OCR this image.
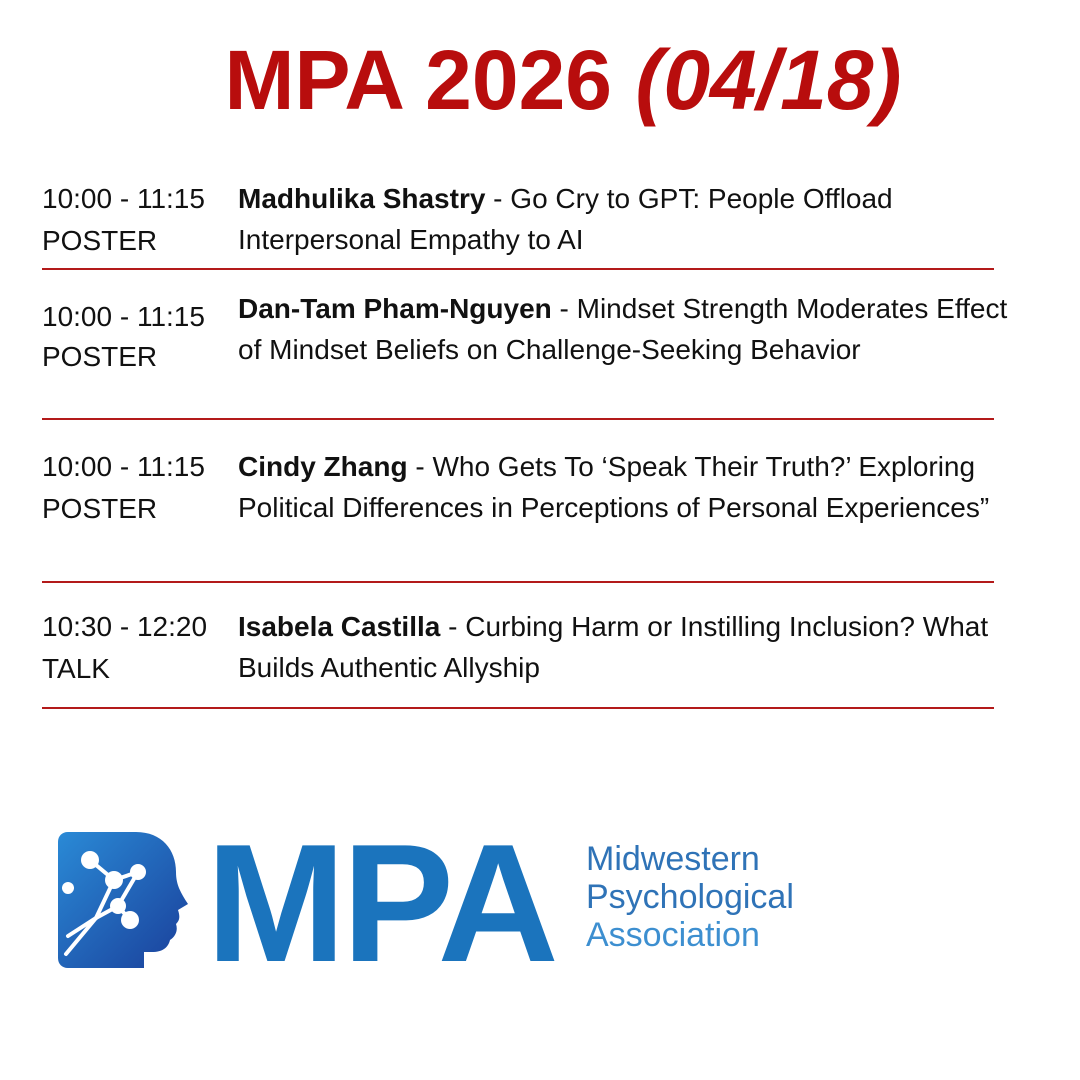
MPA 2026 (04/18)
10:00 - 11:15
POSTER
Madhulika Shastry - Go Cry to GPT: People Offload Interpersonal Empathy to AI
10:00 - 11:15
POSTER
Dan-Tam Pham-Nguyen - Mindset Strength Moderates Effect of Mindset Beliefs on Challenge-Seeking Behavior
10:00 - 11:15
POSTER
Cindy Zhang - Who Gets To ‘Speak Their Truth?’ Exploring Political Differences in Perceptions of Personal Experiences”
10:30 - 12:20
TALK
Isabela Castilla - Curbing Harm or Instilling Inclusion? What Builds Authentic Allyship
MPA Midwestern
Psychological
Association
